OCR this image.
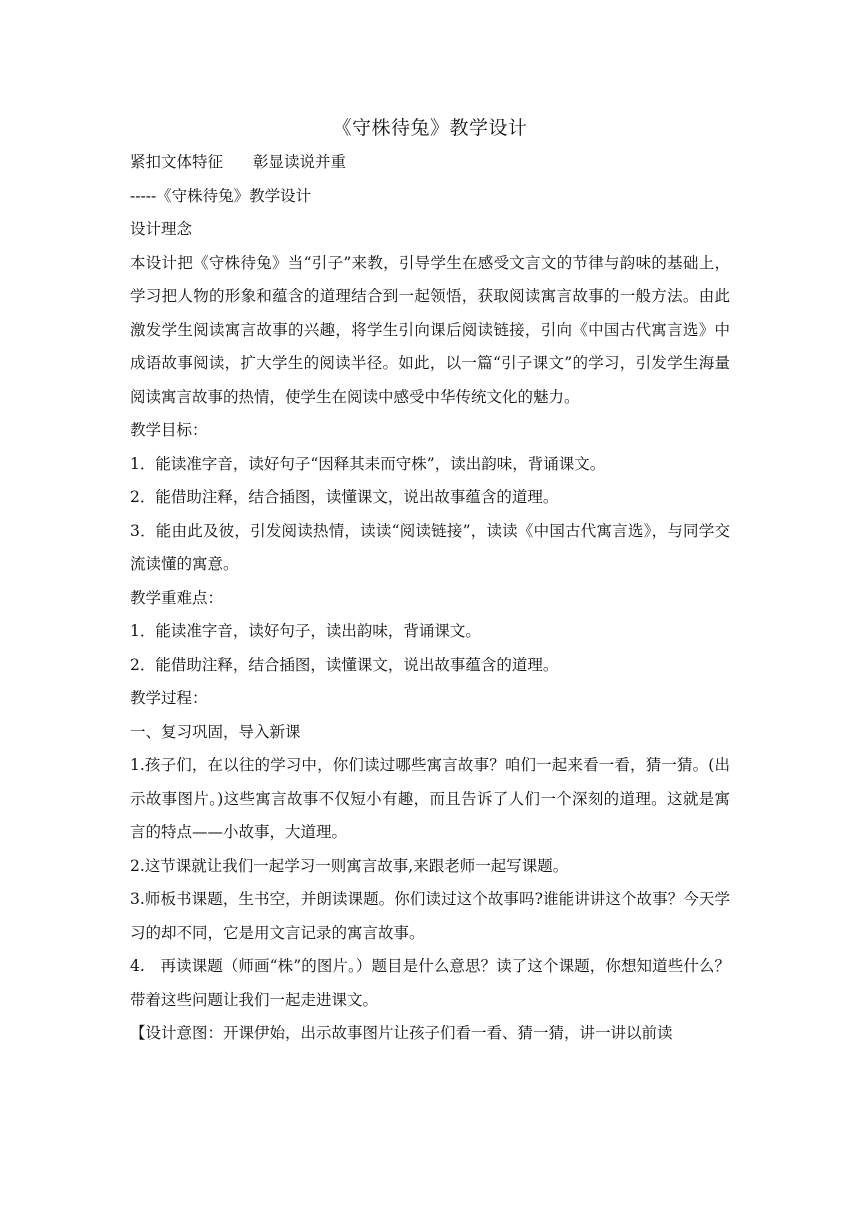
《守株待兔》教学设计

紧扣文体特征 彰显读说并重

-----《守株待兔》教学设计

设计理念

本设计把《守株待兔》当“引子”来教，引导学生在感受文言文的节律与韵味的基础上，学习把人物的形象和蕴含的道理结合到一起领悟，获取阅读寓言故事的一般方法。由此激发学生阅读寓言故事的兴趣，将学生引向课后阅读链接，引向《中国古代寓言选》中成语故事阅读，扩大学生的阅读半径。如此，以一篇“引子课文”的学习，引发学生海量阅读寓言故事的热情，使学生在阅读中感受中华传统文化的魅力。

教学目标：

1．能读准字音，读好句子“因释其耒而守株”，读出韵味，背诵课文。

2．能借助注释，结合插图，读懂课文，说出故事蕴含的道理。

3．能由此及彼，引发阅读热情，读读“阅读链接”，读读《中国古代寓言选》，与同学交流读懂的寓意。

教学重难点：

1．能读准字音，读好句子，读出韵味，背诵课文。

2．能借助注释，结合插图，读懂课文，说出故事蕴含的道理。

教学过程：

一、复习巩固，导入新课

1.孩子们，在以往的学习中，你们读过哪些寓言故事？咱们一起来看一看，猜一猜。(出示故事图片。)这些寓言故事不仅短小有趣，而且告诉了人们一个深刻的道理。这就是寓言的特点——小故事，大道理。

2.这节课就让我们一起学习一则寓言故事,来跟老师一起写课题。

3.师板书课题，生书空，并朗读课题。你们读过这个故事吗?谁能讲讲这个故事？今天学习的却不同，它是用文言记录的寓言故事。

4.　再读课题（师画“株”的图片。）题目是什么意思？读了这个课题，你想知道些什么？带着这些问题让我们一起走进课文。

【设计意图：开课伊始，出示故事图片让孩子们看一看、猜一猜，讲一讲以前读
